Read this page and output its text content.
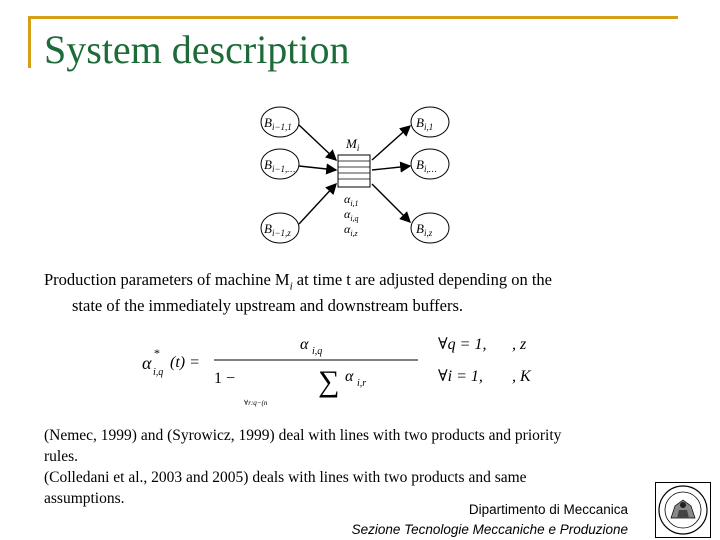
System description
$B_{i-1,1}$
$B_{i-1,\dots}$
$B_{i-1,z}$
$B_{i,1}$
$B_{i,\dots}$
$B_{i,z}$
$M_i$
$\alpha_{i,1}$
$\alpha_{i,q}$
$\alpha_{i,z}$
Production parameters of machine $M_i$ at time t are adjusted depending on the
state of the immediately upstream and downstream buffers.
α *
i,q
(t) =
α i,q
1 −	∑ α i,r
∀r:q−(n
∀q = 1, , z
∀i = 1, , K
(Nemec, 1999) and (Syrowicz, 1999) deal with lines with two products and priority
rules.
(Colledani et al., 2003 and 2005) deals with lines with two products and same
assumptions.
Dipartimento di Meccanica
Sezione Tecnologie Meccaniche e Produzione
